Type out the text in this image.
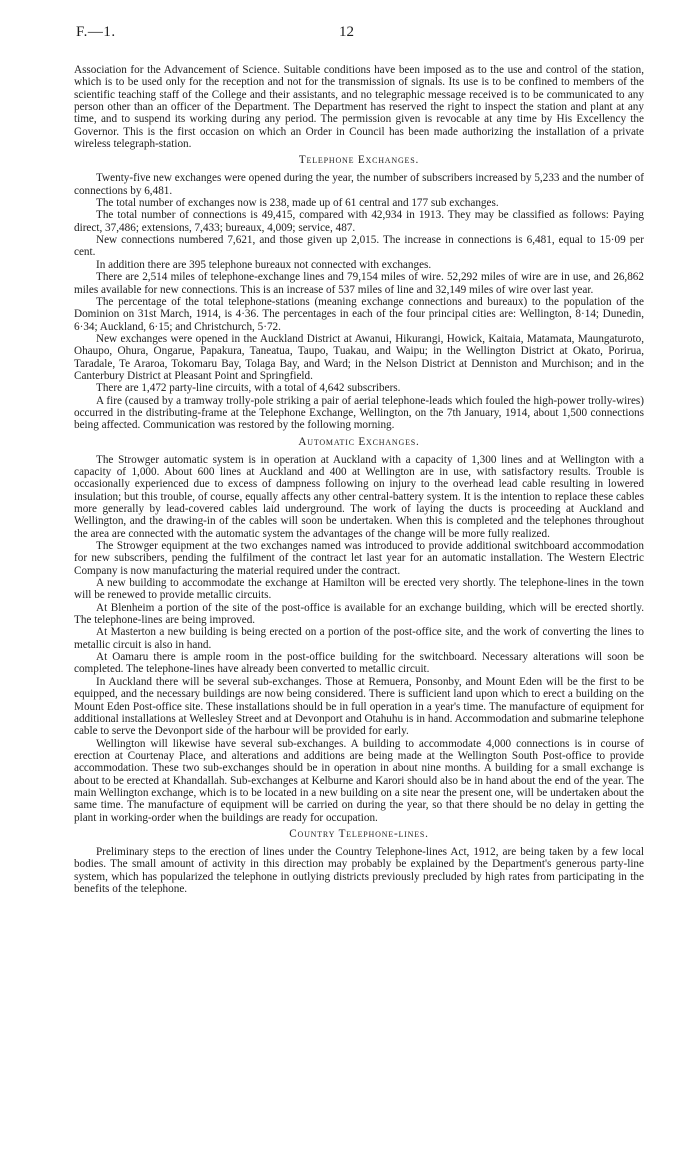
F.—1.	12

Association for the Advancement of Science. Suitable conditions have been imposed as to the use and control of the station, which is to be used only for the reception and not for the transmission of signals. Its use is to be confined to members of the scientific teaching staff of the College and their assistants, and no telegraphic message received is to be communicated to any person other than an officer of the Department. The Department has reserved the right to inspect the station and plant at any time, and to suspend its working during any period. The permission given is revocable at any time by His Excellency the Governor. This is the first occasion on which an Order in Council has been made authorizing the installation of a private wireless telegraph-station.

Telephone Exchanges.

Twenty-five new exchanges were opened during the year, the number of subscribers increased by 5,233 and the number of connections by 6,481.

The total number of exchanges now is 238, made up of 61 central and 177 sub exchanges.

The total number of connections is 49,415, compared with 42,934 in 1913. They may be classified as follows: Paying direct, 37,486; extensions, 7,433; bureaux, 4,009; service, 487.

New connections numbered 7,621, and those given up 2,015. The increase in connections is 6,481, equal to 15·09 per cent.

In addition there are 395 telephone bureaux not connected with exchanges.

There are 2,514 miles of telephone-exchange lines and 79,154 miles of wire. 52,292 miles of wire are in use, and 26,862 miles available for new connections. This is an increase of 537 miles of line and 32,149 miles of wire over last year.

The percentage of the total telephone-stations (meaning exchange connections and bureaux) to the population of the Dominion on 31st March, 1914, is 4·36. The percentages in each of the four principal cities are: Wellington, 8·14; Dunedin, 6·34; Auckland, 6·15; and Christchurch, 5·72.

New exchanges were opened in the Auckland District at Awanui, Hikurangi, Howick, Kaitaia, Matamata, Maungaturoto, Ohaupo, Ohura, Ongarue, Papakura, Taneatua, Taupo, Tuakau, and Waipu; in the Wellington District at Okato, Porirua, Taradale, Te Araroa, Tokomaru Bay, Tolaga Bay, and Ward; in the Nelson District at Denniston and Murchison; and in the Canterbury District at Pleasant Point and Springfield.

There are 1,472 party-line circuits, with a total of 4,642 subscribers.

A fire (caused by a tramway trolly-pole striking a pair of aerial telephone-leads which fouled the high-power trolly-wires) occurred in the distributing-frame at the Telephone Exchange, Wellington, on the 7th January, 1914, about 1,500 connections being affected. Communication was restored by the following morning.

Automatic Exchanges.

The Strowger automatic system is in operation at Auckland with a capacity of 1,300 lines and at Wellington with a capacity of 1,000. About 600 lines at Auckland and 400 at Wellington are in use, with satisfactory results. Trouble is occasionally experienced due to excess of dampness following on injury to the overhead lead cable resulting in lowered insulation; but this trouble, of course, equally affects any other central-battery system. It is the intention to replace these cables more generally by lead-covered cables laid underground. The work of laying the ducts is proceeding at Auckland and Wellington, and the drawing-in of the cables will soon be undertaken. When this is completed and the telephones throughout the area are connected with the automatic system the advantages of the change will be more fully realized.

The Strowger equipment at the two exchanges named was introduced to provide additional switchboard accommodation for new subscribers, pending the fulfilment of the contract let last year for an automatic installation. The Western Electric Company is now manufacturing the material required under the contract.

A new building to accommodate the exchange at Hamilton will be erected very shortly. The telephone-lines in the town will be renewed to provide metallic circuits.

At Blenheim a portion of the site of the post-office is available for an exchange building, which will be erected shortly. The telephone-lines are being improved.

At Masterton a new building is being erected on a portion of the post-office site, and the work of converting the lines to metallic circuit is also in hand.

At Oamaru there is ample room in the post-office building for the switchboard. Necessary alterations will soon be completed. The telephone-lines have already been converted to metallic circuit.

In Auckland there will be several sub-exchanges. Those at Remuera, Ponsonby, and Mount Eden will be the first to be equipped, and the necessary buildings are now being considered. There is sufficient land upon which to erect a building on the Mount Eden Post-office site. These installations should be in full operation in a year's time. The manufacture of equipment for additional installations at Wellesley Street and at Devonport and Otahuhu is in hand. Accommodation and submarine telephone cable to serve the Devonport side of the harbour will be provided for early.

Wellington will likewise have several sub-exchanges. A building to accommodate 4,000 connections is in course of erection at Courtenay Place, and alterations and additions are being made at the Wellington South Post-office to provide accommodation. These two sub-exchanges should be in operation in about nine months. A building for a small exchange is about to be erected at Khandallah. Sub-exchanges at Kelburne and Karori should also be in hand about the end of the year. The main Wellington exchange, which is to be located in a new building on a site near the present one, will be undertaken about the same time. The manufacture of equipment will be carried on during the year, so that there should be no delay in getting the plant in working-order when the buildings are ready for occupation.

Country Telephone-lines.

Preliminary steps to the erection of lines under the Country Telephone-lines Act, 1912, are being taken by a few local bodies. The small amount of activity in this direction may probably be explained by the Department's generous party-line system, which has popularized the telephone in outlying districts previously precluded by high rates from participating in the benefits of the telephone.
